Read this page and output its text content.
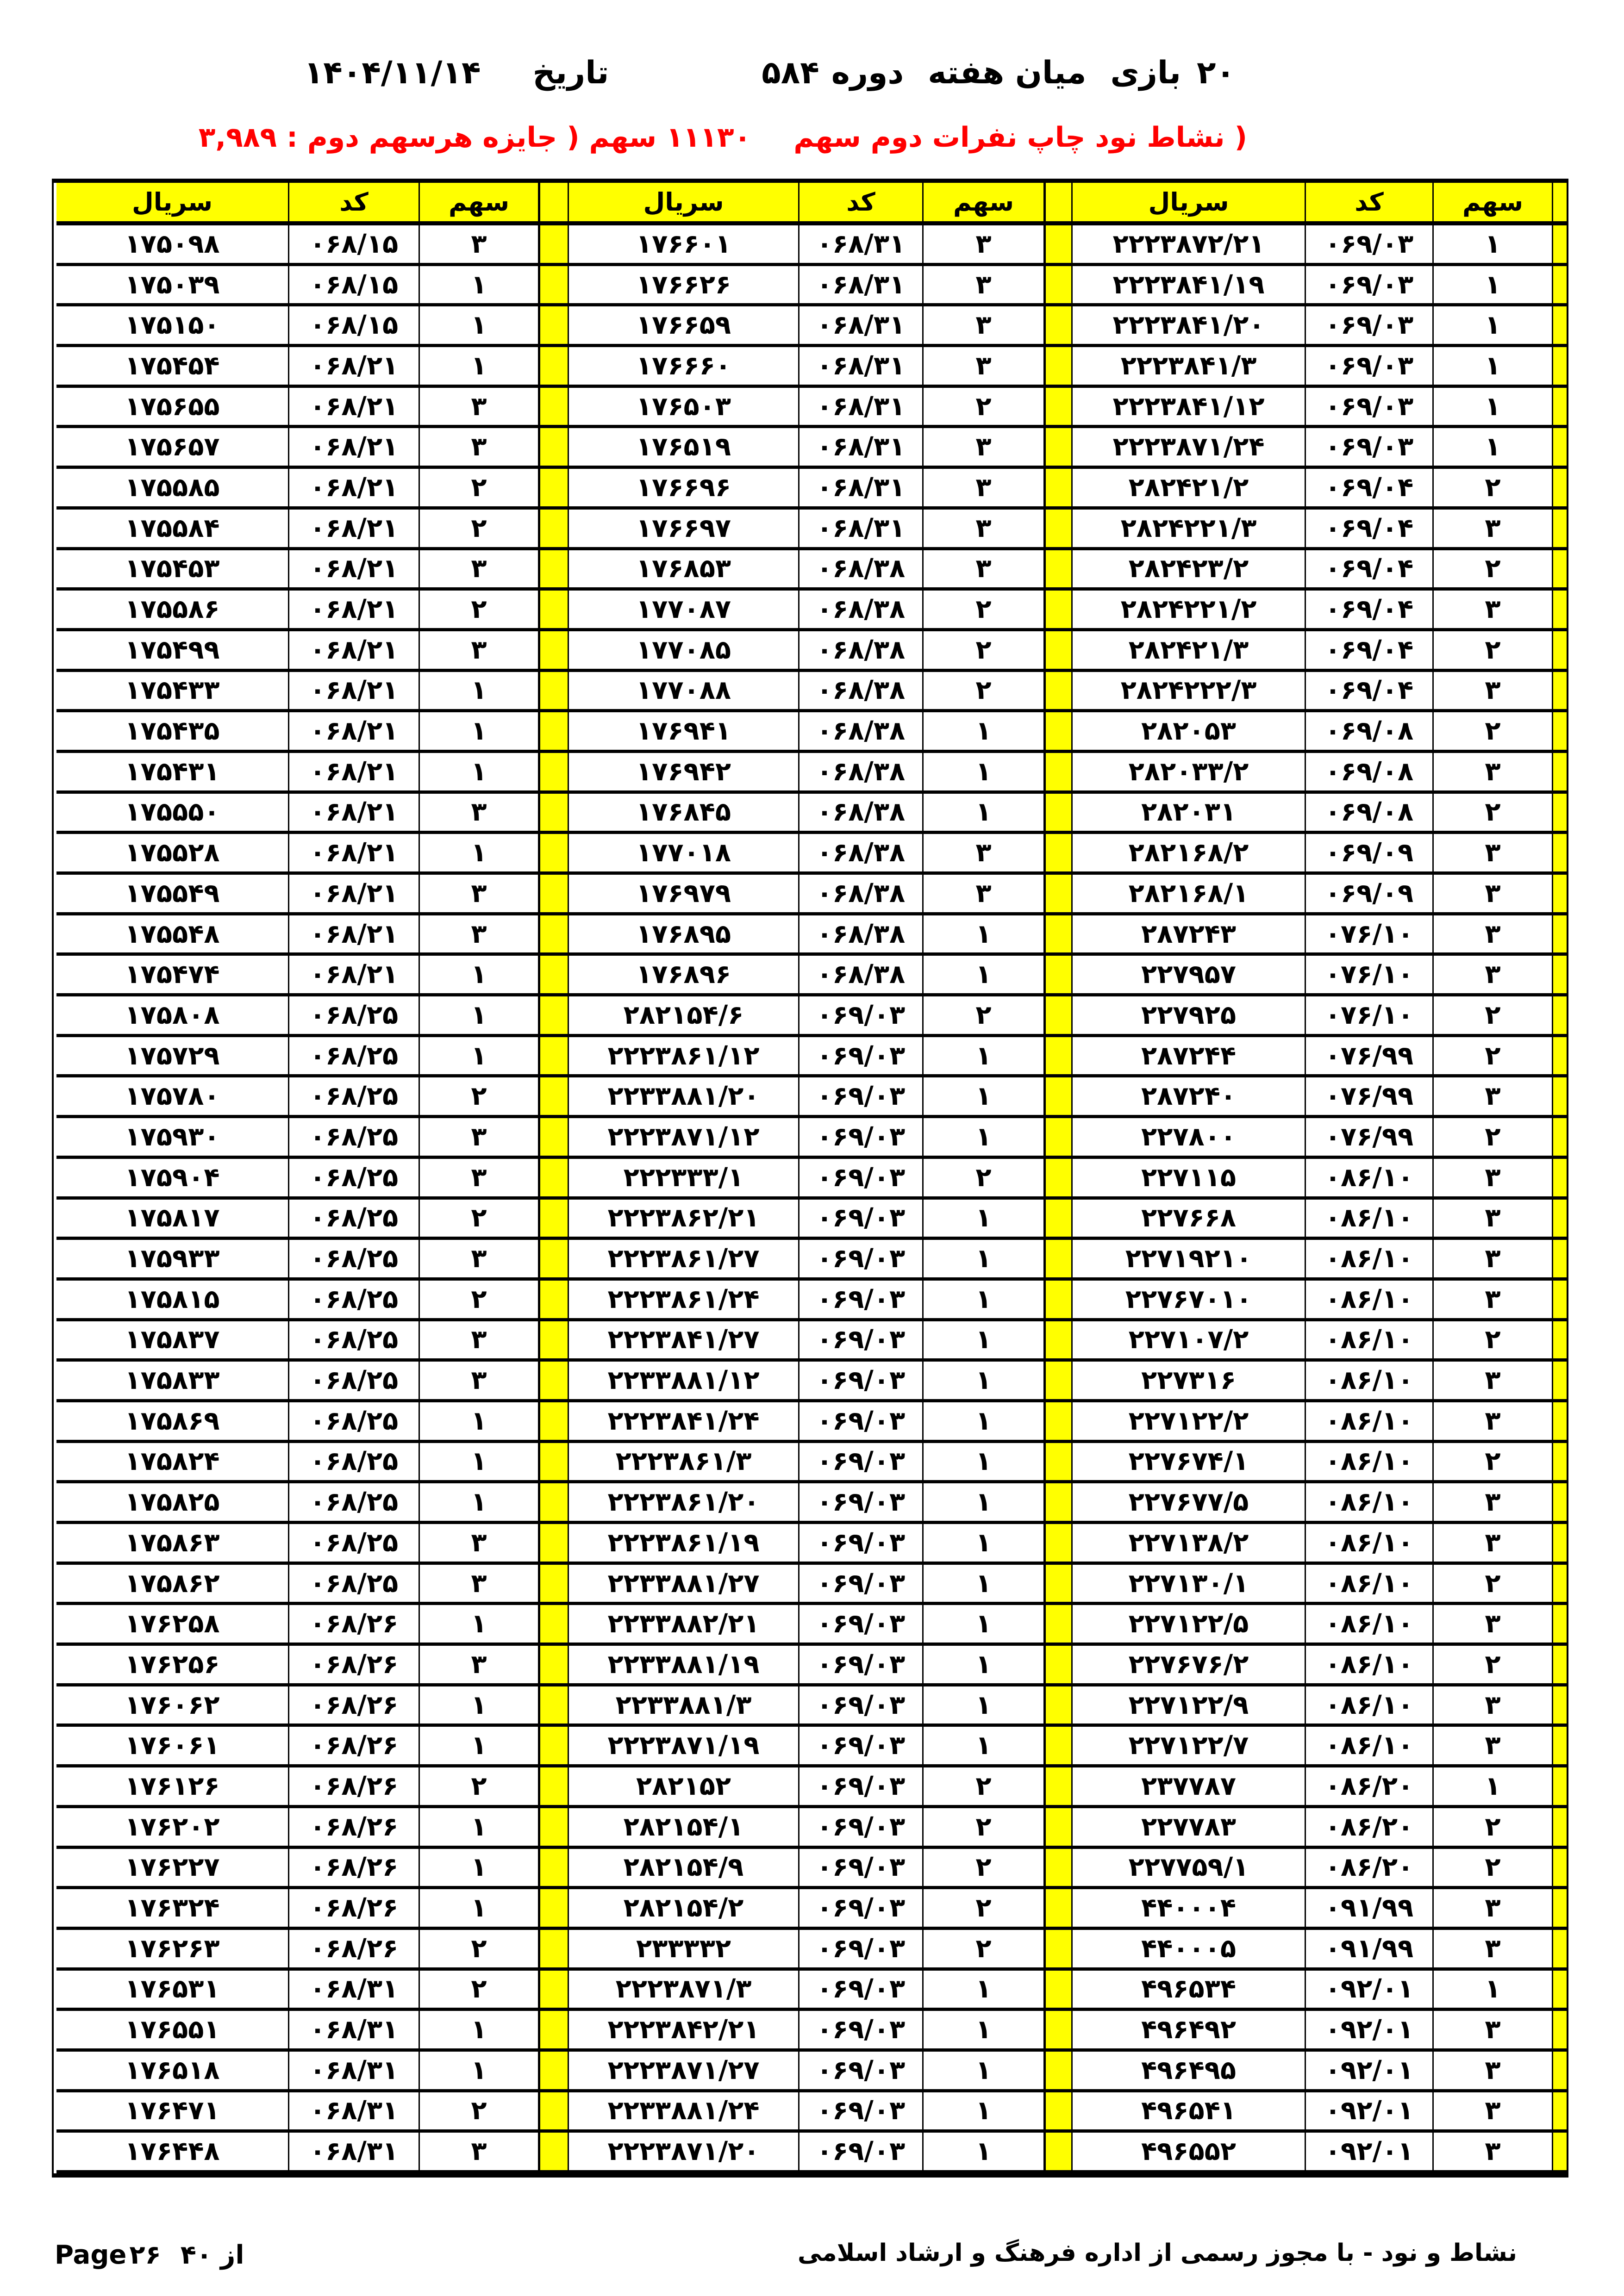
۲۰
بازی
میان هفته
دوره
۵۸۴
تاریخ
۱۴۰۴/۱۱/۱۴
( نشاط نود چاپ نفرات دوم سهم
۱۱۱۳۰ سهم ( جایزه هرسهم دوم : ۳,۹۸۹
سهم
کد
سريال
سهم
کد
سريال
سهم
کد
سريال
۱
۰۶۹/۰۳
۲۲۲۳۸۷۲/۲۱
۳
۰۶۸/۳۱
۱۷۶۶۰۱
۳
۰۶۸/۱۵
۱۷۵۰۹۸
۱
۰۶۹/۰۳
۲۲۲۳۸۴۱/۱۹
۳
۰۶۸/۳۱
۱۷۶۶۲۶
۱
۰۶۸/۱۵
۱۷۵۰۳۹
۱
۰۶۹/۰۳
۲۲۲۳۸۴۱/۲۰
۳
۰۶۸/۳۱
۱۷۶۶۵۹
۱
۰۶۸/۱۵
۱۷۵۱۵۰
۱
۰۶۹/۰۳
۲۲۲۳۸۴۱/۳
۳
۰۶۸/۳۱
۱۷۶۶۶۰
۱
۰۶۸/۲۱
۱۷۵۴۵۴
۱
۰۶۹/۰۳
۲۲۲۳۸۴۱/۱۲
۲
۰۶۸/۳۱
۱۷۶۵۰۳
۳
۰۶۸/۲۱
۱۷۵۶۵۵
۱
۰۶۹/۰۳
۲۲۲۳۸۷۱/۲۴
۳
۰۶۸/۳۱
۱۷۶۵۱۹
۳
۰۶۸/۲۱
۱۷۵۶۵۷
۲
۰۶۹/۰۴
۲۸۲۴۲۱/۲
۳
۰۶۸/۳۱
۱۷۶۶۹۶
۲
۰۶۸/۲۱
۱۷۵۵۸۵
۳
۰۶۹/۰۴
۲۸۲۴۲۲۱/۳
۳
۰۶۸/۳۱
۱۷۶۶۹۷
۲
۰۶۸/۲۱
۱۷۵۵۸۴
۲
۰۶۹/۰۴
۲۸۲۴۲۳/۲
۳
۰۶۸/۳۸
۱۷۶۸۵۳
۳
۰۶۸/۲۱
۱۷۵۴۵۳
۳
۰۶۹/۰۴
۲۸۲۴۲۲۱/۲
۲
۰۶۸/۳۸
۱۷۷۰۸۷
۲
۰۶۸/۲۱
۱۷۵۵۸۶
۲
۰۶۹/۰۴
۲۸۲۴۲۱/۳
۲
۰۶۸/۳۸
۱۷۷۰۸۵
۳
۰۶۸/۲۱
۱۷۵۴۹۹
۳
۰۶۹/۰۴
۲۸۲۴۲۲۲/۳
۲
۰۶۸/۳۸
۱۷۷۰۸۸
۱
۰۶۸/۲۱
۱۷۵۴۳۳
۲
۰۶۹/۰۸
۲۸۲۰۵۳
۱
۰۶۸/۳۸
۱۷۶۹۴۱
۱
۰۶۸/۲۱
۱۷۵۴۳۵
۳
۰۶۹/۰۸
۲۸۲۰۳۳/۲
۱
۰۶۸/۳۸
۱۷۶۹۴۲
۱
۰۶۸/۲۱
۱۷۵۴۳۱
۲
۰۶۹/۰۸
۲۸۲۰۳۱
۱
۰۶۸/۳۸
۱۷۶۸۴۵
۳
۰۶۸/۲۱
۱۷۵۵۵۰
۳
۰۶۹/۰۹
۲۸۲۱۶۸/۲
۳
۰۶۸/۳۸
۱۷۷۰۱۸
۱
۰۶۸/۲۱
۱۷۵۵۲۸
۳
۰۶۹/۰۹
۲۸۲۱۶۸/۱
۳
۰۶۸/۳۸
۱۷۶۹۷۹
۳
۰۶۸/۲۱
۱۷۵۵۴۹
۳
۰۷۶/۱۰
۲۸۷۲۴۳
۱
۰۶۸/۳۸
۱۷۶۸۹۵
۳
۰۶۸/۲۱
۱۷۵۵۴۸
۳
۰۷۶/۱۰
۲۲۷۹۵۷
۱
۰۶۸/۳۸
۱۷۶۸۹۶
۱
۰۶۸/۲۱
۱۷۵۴۷۴
۲
۰۷۶/۱۰
۲۲۷۹۲۵
۲
۰۶۹/۰۳
۲۸۲۱۵۴/۶
۱
۰۶۸/۲۵
۱۷۵۸۰۸
۲
۰۷۶/۹۹
۲۸۷۲۴۴
۱
۰۶۹/۰۳
۲۲۲۳۸۶۱/۱۲
۱
۰۶۸/۲۵
۱۷۵۷۲۹
۳
۰۷۶/۹۹
۲۸۷۲۴۰
۱
۰۶۹/۰۳
۲۲۳۳۸۸۱/۲۰
۲
۰۶۸/۲۵
۱۷۵۷۸۰
۲
۰۷۶/۹۹
۲۲۷۸۰۰
۱
۰۶۹/۰۳
۲۲۲۳۸۷۱/۱۲
۳
۰۶۸/۲۵
۱۷۵۹۳۰
۳
۰۸۶/۱۰
۲۲۷۱۱۵
۲
۰۶۹/۰۳
۲۲۲۳۳۳/۱
۳
۰۶۸/۲۵
۱۷۵۹۰۴
۳
۰۸۶/۱۰
۲۲۷۶۶۸
۱
۰۶۹/۰۳
۲۲۲۳۸۶۲/۲۱
۲
۰۶۸/۲۵
۱۷۵۸۱۷
۳
۰۸۶/۱۰
۲۲۷۱۹۲۱۰
۱
۰۶۹/۰۳
۲۲۲۳۸۶۱/۲۷
۳
۰۶۸/۲۵
۱۷۵۹۳۳
۳
۰۸۶/۱۰
۲۲۷۶۷۰۱۰
۱
۰۶۹/۰۳
۲۲۲۳۸۶۱/۲۴
۲
۰۶۸/۲۵
۱۷۵۸۱۵
۲
۰۸۶/۱۰
۲۲۷۱۰۷/۲
۱
۰۶۹/۰۳
۲۲۲۳۸۴۱/۲۷
۳
۰۶۸/۲۵
۱۷۵۸۳۷
۳
۰۸۶/۱۰
۲۲۷۳۱۶
۱
۰۶۹/۰۳
۲۲۳۳۸۸۱/۱۲
۳
۰۶۸/۲۵
۱۷۵۸۳۳
۳
۰۸۶/۱۰
۲۲۷۱۲۲/۲
۱
۰۶۹/۰۳
۲۲۲۳۸۴۱/۲۴
۱
۰۶۸/۲۵
۱۷۵۸۶۹
۲
۰۸۶/۱۰
۲۲۷۶۷۴/۱
۱
۰۶۹/۰۳
۲۲۲۳۸۶۱/۳
۱
۰۶۸/۲۵
۱۷۵۸۲۴
۳
۰۸۶/۱۰
۲۲۷۶۷۷/۵
۱
۰۶۹/۰۳
۲۲۲۳۸۶۱/۲۰
۱
۰۶۸/۲۵
۱۷۵۸۲۵
۳
۰۸۶/۱۰
۲۲۷۱۳۸/۲
۱
۰۶۹/۰۳
۲۲۲۳۸۶۱/۱۹
۳
۰۶۸/۲۵
۱۷۵۸۶۳
۲
۰۸۶/۱۰
۲۲۷۱۳۰/۱
۱
۰۶۹/۰۳
۲۲۳۳۸۸۱/۲۷
۳
۰۶۸/۲۵
۱۷۵۸۶۲
۳
۰۸۶/۱۰
۲۲۷۱۲۲/۵
۱
۰۶۹/۰۳
۲۲۳۳۸۸۲/۲۱
۱
۰۶۸/۲۶
۱۷۶۲۵۸
۲
۰۸۶/۱۰
۲۲۷۶۷۶/۲
۱
۰۶۹/۰۳
۲۲۳۳۸۸۱/۱۹
۳
۰۶۸/۲۶
۱۷۶۲۵۶
۳
۰۸۶/۱۰
۲۲۷۱۲۲/۹
۱
۰۶۹/۰۳
۲۲۳۳۸۸۱/۳
۱
۰۶۸/۲۶
۱۷۶۰۶۲
۳
۰۸۶/۱۰
۲۲۷۱۲۲/۷
۱
۰۶۹/۰۳
۲۲۲۳۸۷۱/۱۹
۱
۰۶۸/۲۶
۱۷۶۰۶۱
۱
۰۸۶/۲۰
۲۳۷۷۸۷
۲
۰۶۹/۰۳
۲۸۲۱۵۲
۲
۰۶۸/۲۶
۱۷۶۱۲۶
۲
۰۸۶/۲۰
۲۲۷۷۸۳
۲
۰۶۹/۰۳
۲۸۲۱۵۴/۱
۱
۰۶۸/۲۶
۱۷۶۲۰۲
۲
۰۸۶/۲۰
۲۲۷۷۵۹/۱
۲
۰۶۹/۰۳
۲۸۲۱۵۴/۹
۱
۰۶۸/۲۶
۱۷۶۲۲۷
۳
۰۹۱/۹۹
۴۴۰۰۰۴
۲
۰۶۹/۰۳
۲۸۲۱۵۴/۲
۱
۰۶۸/۲۶
۱۷۶۳۲۴
۳
۰۹۱/۹۹
۴۴۰۰۰۵
۲
۰۶۹/۰۳
۲۳۳۳۳۲
۲
۰۶۸/۲۶
۱۷۶۲۶۳
۱
۰۹۲/۰۱
۴۹۶۵۳۴
۱
۰۶۹/۰۳
۲۲۲۳۸۷۱/۳
۲
۰۶۸/۳۱
۱۷۶۵۳۱
۳
۰۹۲/۰۱
۴۹۶۴۹۲
۱
۰۶۹/۰۳
۲۲۲۳۸۴۲/۲۱
۱
۰۶۸/۳۱
۱۷۶۵۵۱
۳
۰۹۲/۰۱
۴۹۶۴۹۵
۱
۰۶۹/۰۳
۲۲۲۳۸۷۱/۲۷
۱
۰۶۸/۳۱
۱۷۶۵۱۸
۳
۰۹۲/۰۱
۴۹۶۵۴۱
۱
۰۶۹/۰۳
۲۲۳۳۸۸۱/۲۴
۲
۰۶۸/۳۱
۱۷۶۴۷۱
۳
۰۹۲/۰۱
۴۹۶۵۵۲
۱
۰۶۹/۰۳
۲۲۲۳۸۷۱/۲۰
۳
۰۶۸/۳۱
۱۷۶۴۴۸
نشاط و نود - با مجوز رسمی از اداره فرهنگ و ارشاد اسلامی
Page ۲۶ ۴۰ از
